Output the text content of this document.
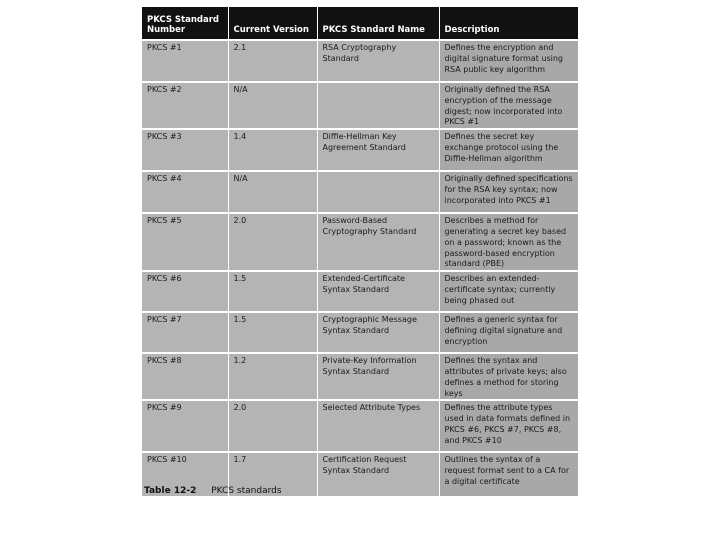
PKCS Standard Number	Current Version	PKCS Standard Name	Description
PKCS #1	2.1	RSA Cryptography Standard	Defines the encryption and digital signature format using RSA public key algorithm
PKCS #2	N/A		Originally defined the RSA encryption of the message digest; now incorporated into PKCS #1
PKCS #3	1.4	Diffie-Hellman Key Agreement Standard	Defines the secret key exchange protocol using the Diffie-Hellman algorithm
PKCS #4	N/A		Originally defined specifications for the RSA key syntax; now incorporated into PKCS #1
PKCS #5	2.0	Password-Based Cryptography Standard	Describes a method for generating a secret key based on a password; known as the password-based encryption standard (PBE)
PKCS #6	1.5	Extended-Certificate Syntax Standard	Describes an extended-certificate syntax; currently being phased out
PKCS #7	1.5	Cryptographic Message Syntax Standard	Defines a generic syntax for defining digital signature and encryption
PKCS #8	1.2	Private-Key Information Syntax Standard	Defines the syntax and attributes of private keys; also defines a method for storing keys
PKCS #9	2.0	Selected Attribute Types	Defines the attribute types used in data formats defined in PKCS #6, PKCS #7, PKCS #8, and PKCS #10
PKCS #10	1.7	Certification Request Syntax Standard	Outlines the syntax of a request format sent to a CA for a digital certificate
Table 12-2 PKCS standards
